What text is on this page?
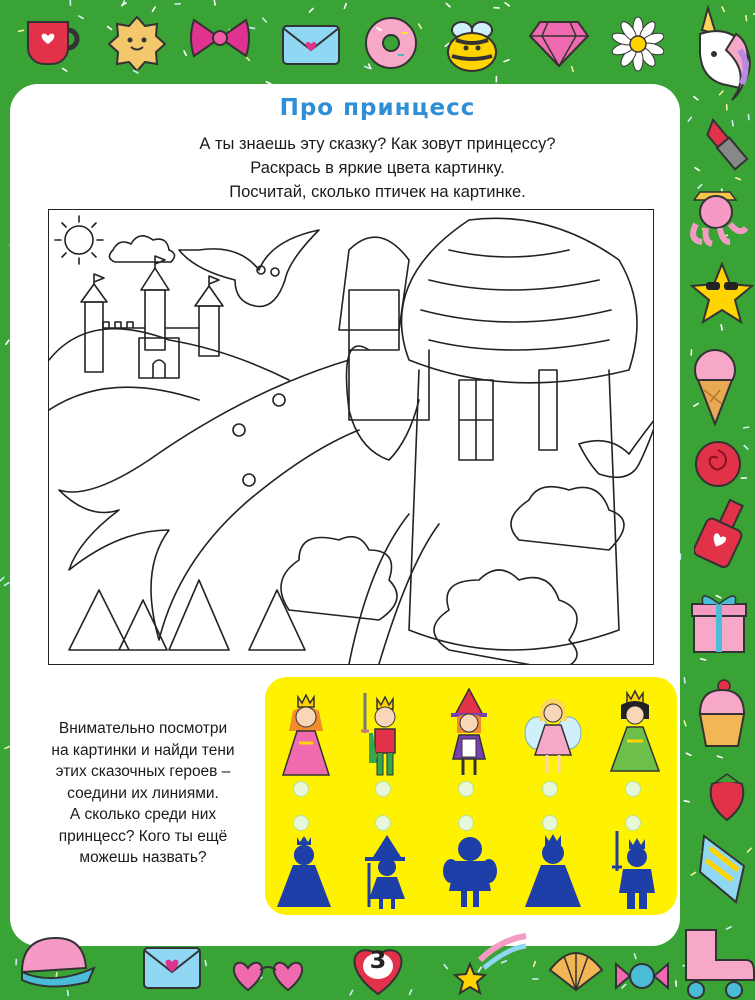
Про принцесс
А ты знаешь эту сказку? Как зовут принцессу?
Раскрась в яркие цвета картинку.
Посчитай, сколько птичек на картинке.
Внимательно посмотри
на картинки и найди тени
этих сказочных героев –
соедини их линиями.
А сколько среди них
принцесс? Кого ты ещё
можешь назвать?
3
